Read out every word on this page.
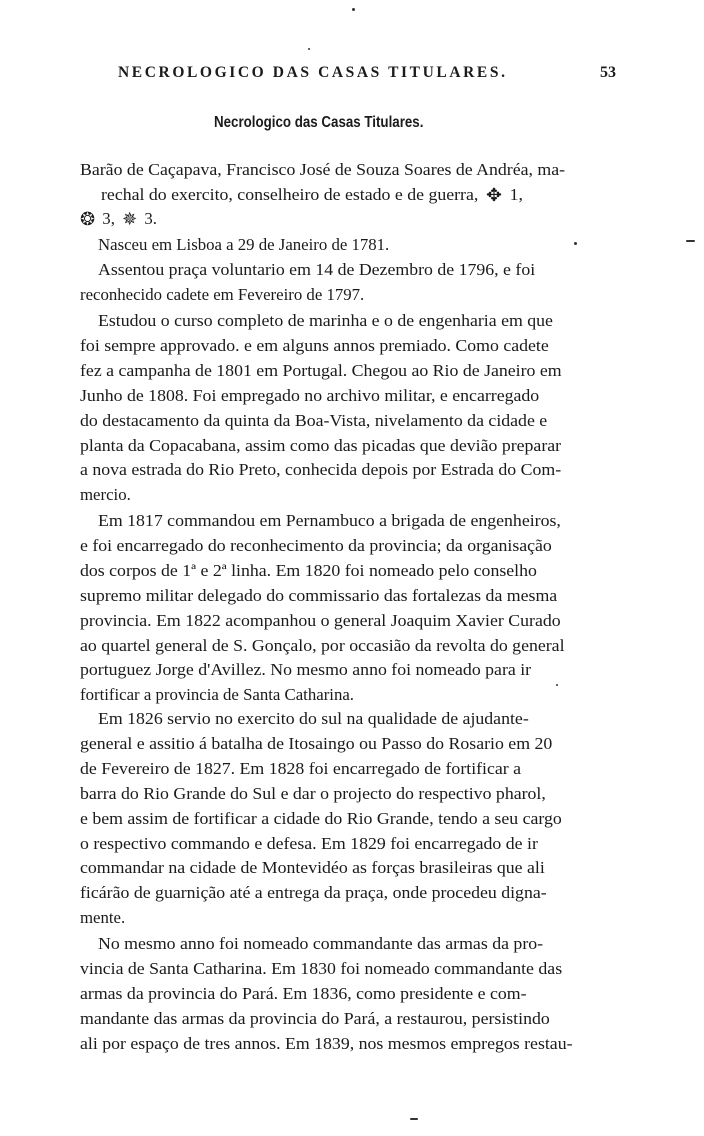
NECROLOGICO DAS CASAS TITULARES.	53
Necrologico das Casas Titulares.
Barão de Caçapava, Francisco José de Souza Soares de Andréa, ma-
rechal do exercito, conselheiro de estado e de guerra, ✥ 1,
❂ 3, ✵ 3.
Nasceu em Lisboa a 29 de Janeiro de 1781.
Assentou praça voluntario em 14 de Dezembro de 1796, e foi
reconhecido cadete em Fevereiro de 1797.
Estudou o curso completo de marinha e o de engenharia em que
foi sempre approvado. e em alguns annos premiado. Como cadete
fez a campanha de 1801 em Portugal. Chegou ao Rio de Janeiro em
Junho de 1808. Foi empregado no archivo militar, e encarregado
do destacamento da quinta da Boa-Vista, nivelamento da cidade e
planta da Copacabana, assim como das picadas que devião preparar
a nova estrada do Rio Preto, conhecida depois por Estrada do Com-
mercio.
Em 1817 commandou em Pernambuco a brigada de engenheiros,
e foi encarregado do reconhecimento da provincia; da organisação
dos corpos de 1ª e 2ª linha. Em 1820 foi nomeado pelo conselho
supremo militar delegado do commissario das fortalezas da mesma
provincia. Em 1822 acompanhou o general Joaquim Xavier Curado
ao quartel general de S. Gonçalo, por occasião da revolta do general
portuguez Jorge d'Avillez. No mesmo anno foi nomeado para ir
fortificar a provincia de Santa Catharina.
Em 1826 servio no exercito do sul na qualidade de ajudante-
general e assitio á batalha de Itosaingo ou Passo do Rosario em 20
de Fevereiro de 1827. Em 1828 foi encarregado de fortificar a
barra do Rio Grande do Sul e dar o projecto do respectivo pharol,
e bem assim de fortificar a cidade do Rio Grande, tendo a seu cargo
o respectivo commando e defesa. Em 1829 foi encarregado de ir
commandar na cidade de Montevidéo as forças brasileiras que ali
ficárão de guarnição até a entrega da praça, onde procedeu digna-
mente.
No mesmo anno foi nomeado commandante das armas da pro-
vincia de Santa Catharina. Em 1830 foi nomeado commandante das
armas da provincia do Pará. Em 1836, como presidente e com-
mandante das armas da provincia do Pará, a restaurou, persistindo
ali por espaço de tres annos. Em 1839, nos mesmos empregos restau-
